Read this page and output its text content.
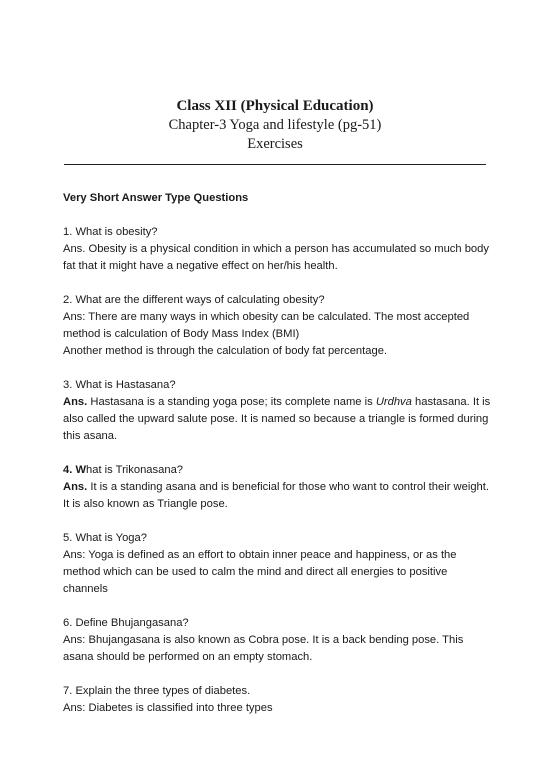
Class XII (Physical Education)
Chapter-3 Yoga and lifestyle (pg-51)
Exercises
Very Short Answer Type Questions

1. What is obesity?

Ans. Obesity is a physical condition in which a person has accumulated so much body fat that it might have a negative effect on her/his health.

2. What are the different ways of calculating obesity?

Ans: There are many ways in which obesity can be calculated. The most accepted method is calculation of Body Mass Index (BMI)

Another method is through the calculation of body fat percentage.

3. What is Hastasana?

Ans. Hastasana is a standing yoga pose; its complete name is Urdhva hastasana. It is also called the upward salute pose. It is named so because a triangle is formed during this asana.

4. What is Trikonasana?

Ans. It is a standing asana and is beneficial for those who want to control their weight. It is also known as Triangle pose.

5. What is Yoga?

Ans: Yoga is defined as an effort to obtain inner peace and happiness, or as the method which can be used to calm the mind and direct all energies to positive channels

6. Define Bhujangasana?

Ans: Bhujangasana is also known as Cobra pose. It is a back bending pose. This asana should be performed on an empty stomach.

7. Explain the three types of diabetes.

Ans: Diabetes is classified into three types
